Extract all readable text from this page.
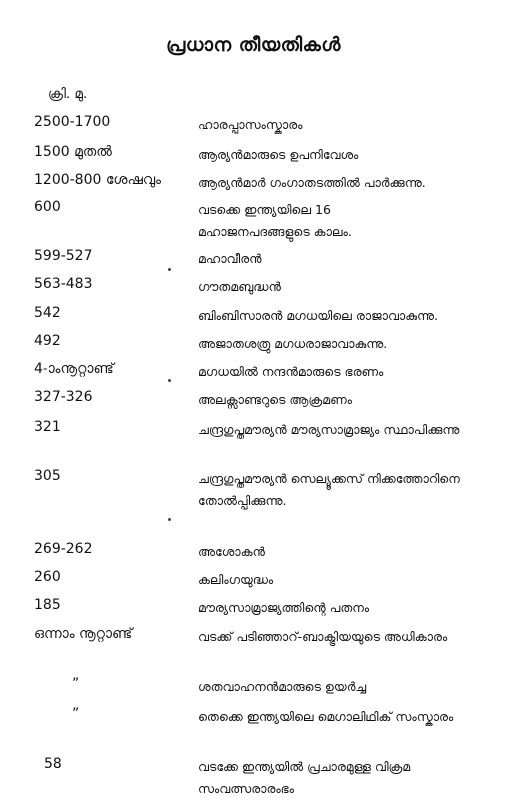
പ്രധാന തീയതികൾ
ക്രി. മു.
2500-1700	ഹാരപ്പാസംസ്കാരം
1500 മുതൽ	ആര്യൻമാരുടെ ഉപനിവേശം
1200-800 ശേഷവും	ആര്യൻമാർ ഗംഗാതടത്തിൽ പാർക്കുന്നു.
600	വടക്കെ ഇന്ത്യയിലെ 16 മഹാജനപദങ്ങളുടെ കാലം.
599-527	മഹാവീരൻ
563-483	ഗൗതമബുദ്ധൻ
542	ബിംബിസാരൻ മഗധയിലെ രാജാവാകുന്നു.
492	അജാതശത്രു മഗധരാജാവാകുന്നു.
4-ാംനൂറ്റാണ്ട്	മഗധയിൽ നന്ദൻമാരുടെ ഭരണം
327-326	അലക്സാണ്ടറുടെ ആക്രമണം
321	ചന്ദ്രഗുപ്തമൗര്യൻ മൗര്യസാമ്രാജ്യം സ്ഥാപിക്കുന്നു
305	ചന്ദ്രഗുപ്തമൗര്യൻ സെല്യൂക്കസ് നിക്കത്തോറിനെ തോൽപ്പിക്കുന്നു.
269-262	അശോകൻ
260	കലിംഗയുദ്ധം
185	മൗര്യസാമ്രാജ്യത്തിന്റെ പതനം
ഒന്നാം നൂറ്റാണ്ട്	വടക്ക് പടിഞ്ഞാറ്-ബാക്ട്രിയയുടെ അധികാരം
”	ശതവാഹനൻമാരുടെ ഉയർച്ച
”	തെക്കെ ഇന്ത്യയിലെ മെഗാലിഥിക് സംസ്കാരം
58	വടക്കേ ഇന്ത്യയിൽ പ്രചാരമുള്ള വിക്രമ സംവത്സരാരംഭം
